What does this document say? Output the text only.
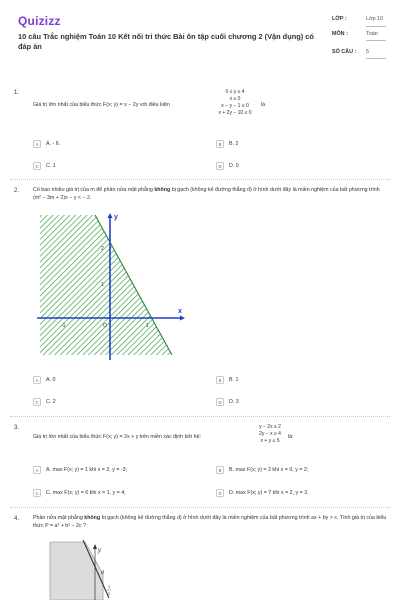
Quizizz
10 câu Trắc nghiệm Toán 10 Kết nối tri thức Bài ôn tập cuối chương 2 (Vận dụng) có đáp án
LỚP :	Lớp 10
MÔN :	Toán
SỐ CÂU :	5
1.
Giá trị lớn nhất của biểu thức F(x; y) = x − 2y với điều kiện
0 ≤ y ≤ 4
x ≥ 0
x − y − 1 ≤ 0
x + 2y − 10 ≤ 0
là
A	A. - 6.	B	B. 2
C	C. 1	D	D. 0
2.	Có bao nhiêu giá trị của m để phần nửa mặt phẳng không bị gạch (không kể đường thẳng d) ở hình dưới đây là miền nghiệm của bất phương trình (m² − 3m + 2)x − y < − 2.
y
x
2
1
-1	1
O
A	A. 0	B	B. 1
C	C. 2	D	D. 3
3.
Giá trị lớn nhất của biểu thức F(x; y) = 2x + y trên miền xác định bởi hệ:
y − 2x ≤ 2
2y − x ≥ 4
x + y ≤ 5
là:
A	A. max F(x; y) = 1 khi x = 2, y = -3;	B	B. max F(x; y) = 2 khi x = 0, y = 2;
C	C. max F(x; y) = 6 khi x = 1, y = 4;	D	D. max F(x; y) = 7 khi x = 2, y = 3.
4.	Phần nửa mặt phẳng không bị gạch (không kể đường thẳng d) ở hình dưới đây là miền nghiệm của bất phương trình ax + by > c. Tính giá trị của biểu thức P = a² + b² − 2c ?
y
d
1
2
